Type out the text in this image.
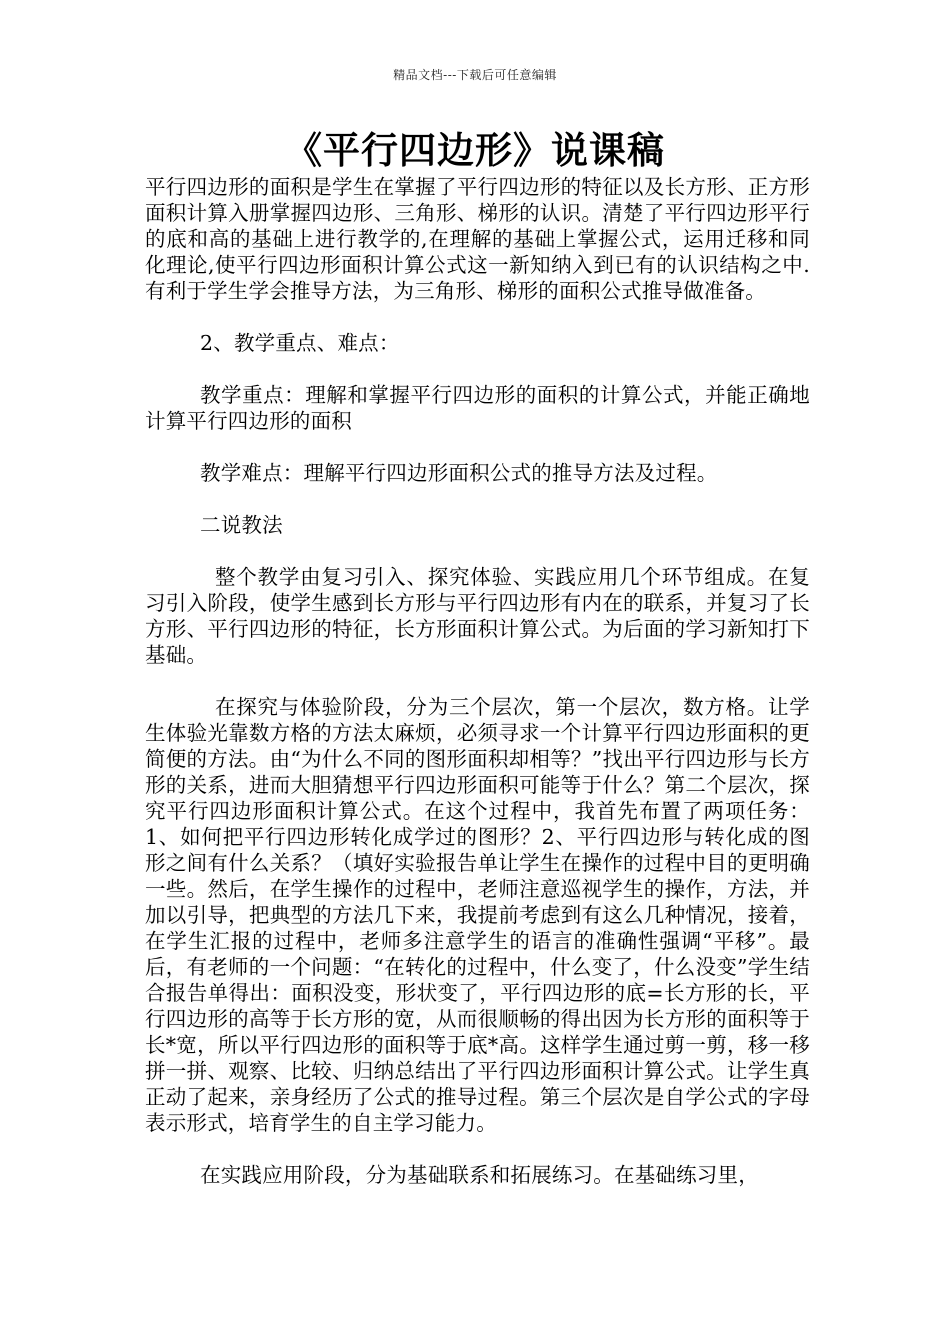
精品文档---下载后可任意编辑
《平行四边形》说课稿

平行四边形的面积是学生在掌握了平行四边形的特征以及长方形、正方形面积计算入册掌握四边形、三角形、梯形的认识。清楚了平行四边形平行的底和高的基础上进行教学的,在理解的基础上掌握公式，运用迁移和同化理论,使平行四边形面积计算公式这一新知纳入到已有的认识结构之中.有利于学生学会推导方法，为三角形、梯形的面积公式推导做准备。

2、教学重点、难点：

教学重点：理解和掌握平行四边形的面积的计算公式，并能正确地计算平行四边形的面积

教学难点：理解平行四边形面积公式的推导方法及过程。

二说教法

整个教学由复习引入、探究体验、实践应用几个环节组成。在复习引入阶段，使学生感到长方形与平行四边形有内在的联系，并复习了长方形、平行四边形的特征，长方形面积计算公式。为后面的学习新知打下基础。

在探究与体验阶段，分为三个层次，第一个层次，数方格。让学生体验光靠数方格的方法太麻烦，必须寻求一个计算平行四边形面积的更简便的方法。由“为什么不同的图形面积却相等？”找出平行四边形与长方形的关系，进而大胆猜想平行四边形面积可能等于什么？第二个层次，探究平行四边形面积计算公式。在这个过程中，我首先布置了两项任务：1、如何把平行四边形转化成学过的图形？2、平行四边形与转化成的图形之间有什么关系？（填好实验报告单让学生在操作的过程中目的更明确一些。然后，在学生操作的过程中，老师注意巡视学生的操作，方法，并加以引导，把典型的方法几下来，我提前考虑到有这么几种情况，接着，在学生汇报的过程中，老师多注意学生的语言的准确性强调“平移”。最后，有老师的一个问题：“在转化的过程中，什么变了，什么没变”学生结合报告单得出：面积没变，形状变了，平行四边形的底=长方形的长，平行四边形的高等于长方形的宽，从而很顺畅的得出因为长方形的面积等于长*宽，所以平行四边形的面积等于底*高。这样学生通过剪一剪，移一移拼一拼、观察、比较、归纳总结出了平行四边形面积计算公式。让学生真正动了起来，亲身经历了公式的推导过程。第三个层次是自学公式的字母表示形式，培育学生的自主学习能力。

在实践应用阶段，分为基础联系和拓展练习。在基础练习里，
